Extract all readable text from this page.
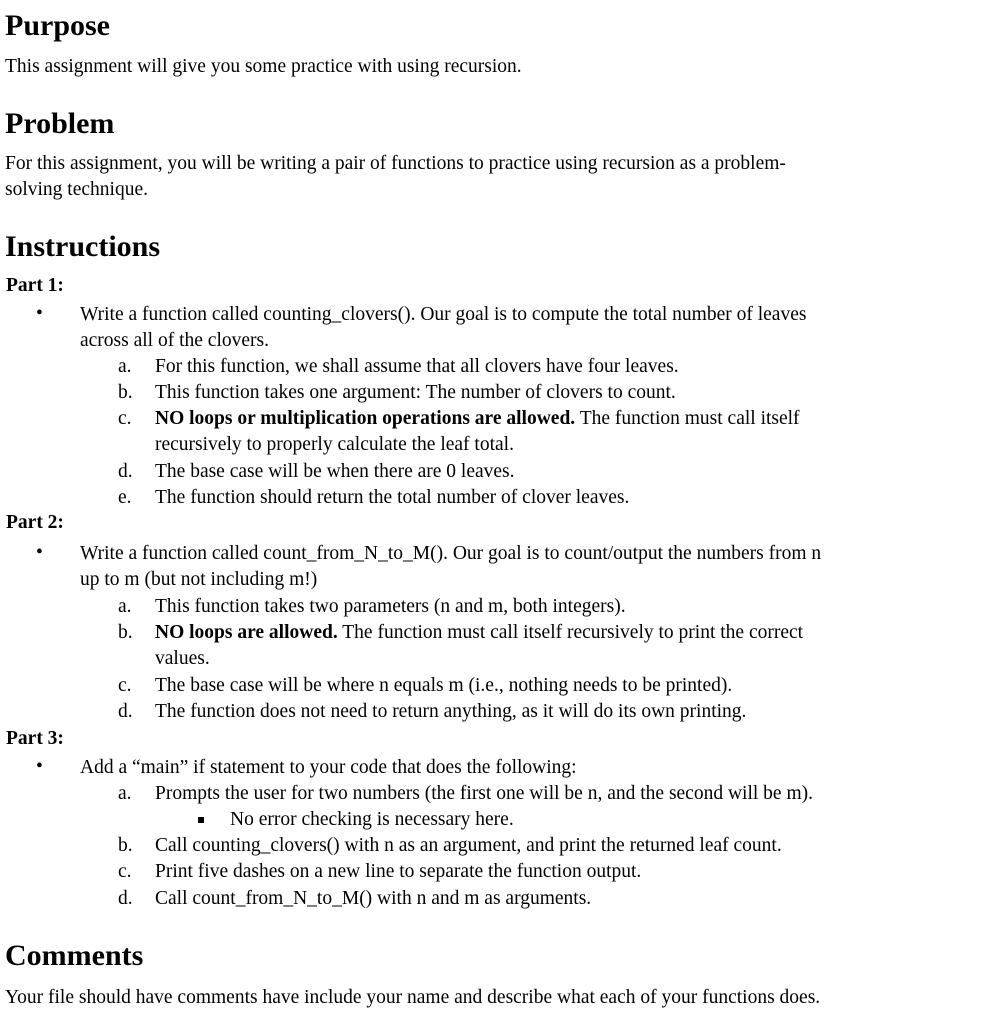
Purpose
This assignment will give you some practice with using recursion.
Problem
For this assignment, you will be writing a pair of functions to practice using recursion as a problem-
solving technique.
Instructions
Part 1:
• Write a function called counting_clovers(). Our goal is to compute the total number of leaves
across all of the clovers.
a. For this function, we shall assume that all clovers have four leaves.
b. This function takes one argument: The number of clovers to count.
c. NO loops or multiplication operations are allowed. The function must call itself
recursively to properly calculate the leaf total.
d. The base case will be when there are 0 leaves.
e. The function should return the total number of clover leaves.
Part 2:
• Write a function called count_from_N_to_M(). Our goal is to count/output the numbers from n
up to m (but not including m!)
a. This function takes two parameters (n and m, both integers).
b. NO loops are allowed. The function must call itself recursively to print the correct
values.
c. The base case will be where n equals m (i.e., nothing needs to be printed).
d. The function does not need to return anything, as it will do its own printing.
Part 3:
• Add a “main” if statement to your code that does the following:
a. Prompts the user for two numbers (the first one will be n, and the second will be m).
No error checking is necessary here.
b. Call counting_clovers() with n as an argument, and print the returned leaf count.
c. Print five dashes on a new line to separate the function output.
d. Call count_from_N_to_M() with n and m as arguments.
Comments
Your file should have comments have include your name and describe what each of your functions does.
